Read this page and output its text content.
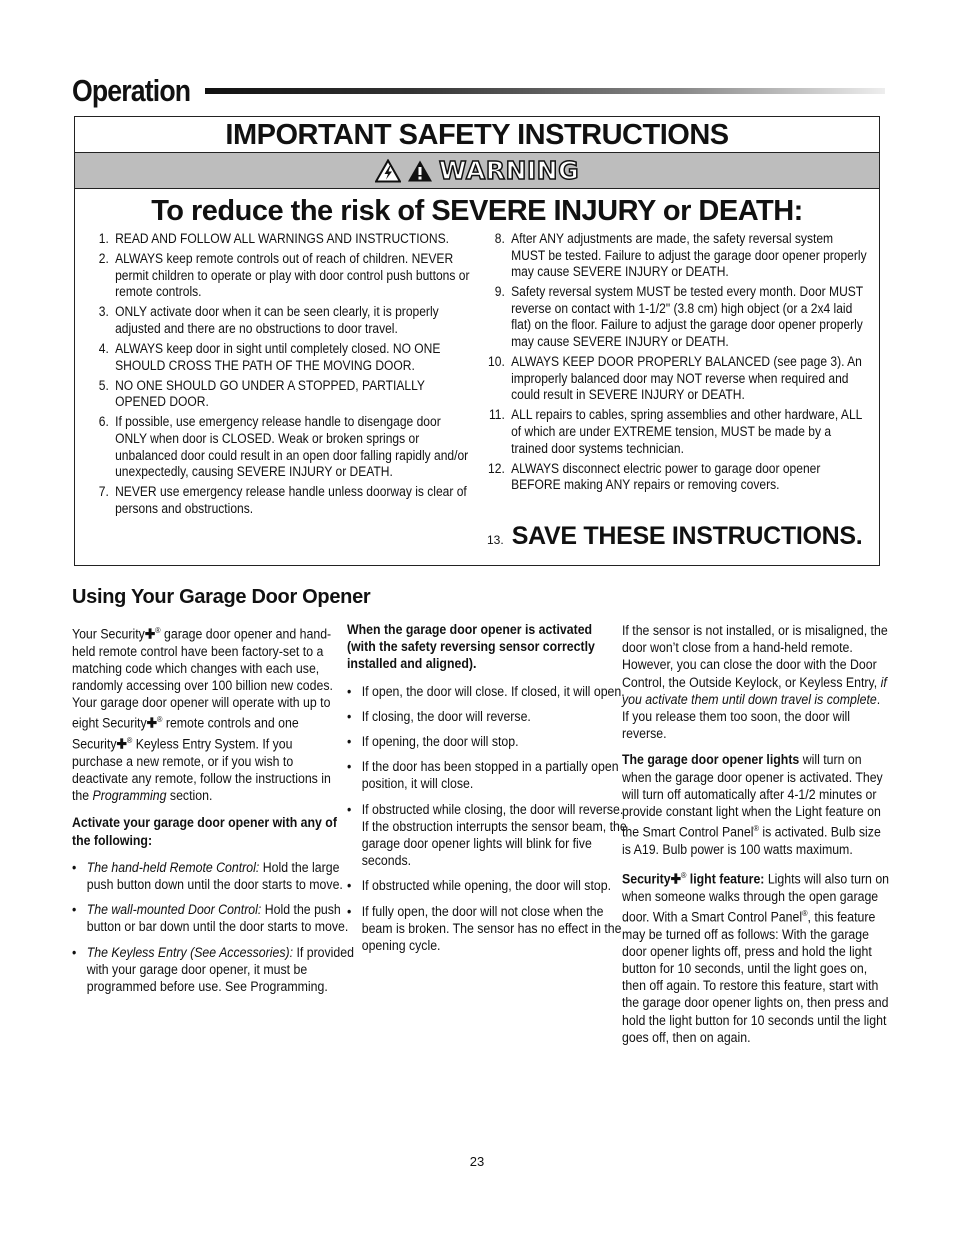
Operation
IMPORTANT SAFETY INSTRUCTIONS
WARNING
To reduce the risk of SEVERE INJURY or DEATH:
1. READ AND FOLLOW ALL WARNINGS AND INSTRUCTIONS.
2. ALWAYS keep remote controls out of reach of children. NEVER permit children to operate or play with door control push buttons or remote controls.
3. ONLY activate door when it can be seen clearly, it is properly adjusted and there are no obstructions to door travel.
4. ALWAYS keep door in sight until completely closed. NO ONE SHOULD CROSS THE PATH OF THE MOVING DOOR.
5. NO ONE SHOULD GO UNDER A STOPPED, PARTIALLY OPENED DOOR.
6. If possible, use emergency release handle to disengage door ONLY when door is CLOSED. Weak or broken springs or unbalanced door could result in an open door falling rapidly and/or unexpectedly, causing SEVERE INJURY or DEATH.
7. NEVER use emergency release handle unless doorway is clear of persons and obstructions.
8. After ANY adjustments are made, the safety reversal system MUST be tested. Failure to adjust the garage door opener properly may cause SEVERE INJURY or DEATH.
9. Safety reversal system MUST be tested every month. Door MUST reverse on contact with 1-1/2" (3.8 cm) high object (or a 2x4 laid flat) on the floor. Failure to adjust the garage door opener properly may cause SEVERE INJURY or DEATH.
10. ALWAYS KEEP DOOR PROPERLY BALANCED (see page 3). An improperly balanced door may NOT reverse when required and could result in SEVERE INJURY or DEATH.
11. ALL repairs to cables, spring assemblies and other hardware, ALL of which are under EXTREME tension, MUST be made by a trained door systems technician.
12. ALWAYS disconnect electric power to garage door opener BEFORE making ANY repairs or removing covers.
13. SAVE THESE INSTRUCTIONS.
Using Your Garage Door Opener

Your Security✚® garage door opener and hand-held remote control have been factory-set to a matching code which changes with each use, randomly accessing over 100 billion new codes. Your garage door opener will operate with up to eight Security✚® remote controls and one Security✚® Keyless Entry System. If you purchase a new remote, or if you wish to deactivate any remote, follow the instructions in the Programming section.

Activate your garage door opener with any of the following:

• The hand-held Remote Control: Hold the large push button down until the door starts to move.
• The wall-mounted Door Control: Hold the push button or bar down until the door starts to move.
• The Keyless Entry (See Accessories): If provided with your garage door opener, it must be programmed before use. See Programming.

When the garage door opener is activated (with the safety reversing sensor correctly installed and aligned).

• If open, the door will close. If closed, it will open.
• If closing, the door will reverse.
• If opening, the door will stop.
• If the door has been stopped in a partially open position, it will close.
• If obstructed while closing, the door will reverse. If the obstruction interrupts the sensor beam, the garage door opener lights will blink for five seconds.
• If obstructed while opening, the door will stop.
• If fully open, the door will not close when the beam is broken. The sensor has no effect in the opening cycle.

If the sensor is not installed, or is misaligned, the door won’t close from a hand-held remote. However, you can close the door with the Door Control, the Outside Keylock, or Keyless Entry, if you activate them until down travel is complete. If you release them too soon, the door will reverse.

The garage door opener lights will turn on when the garage door opener is activated. They will turn off automatically after 4-1/2 minutes or provide constant light when the Light feature on the Smart Control Panel® is activated. Bulb size is A19. Bulb power is 100 watts maximum.

Security✚® light feature: Lights will also turn on when someone walks through the open garage door. With a Smart Control Panel®, this feature may be turned off as follows: With the garage door opener lights off, press and hold the light button for 10 seconds, until the light goes on, then off again. To restore this feature, start with the garage door opener lights on, then press and hold the light button for 10 seconds until the light goes off, then on again.

23
